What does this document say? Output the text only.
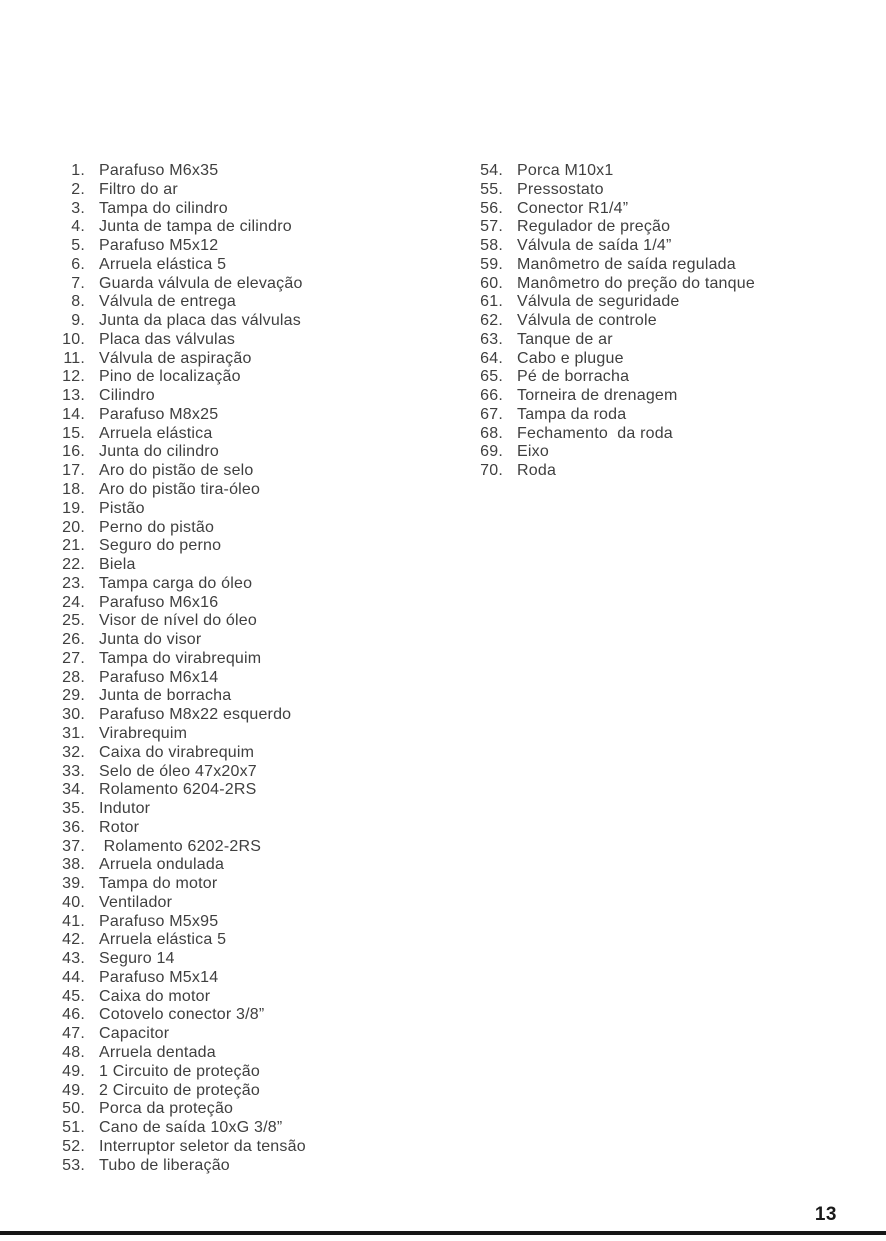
1. Parafuso M6x35
2. Filtro do ar
3. Tampa do cilindro
4. Junta de tampa de cilindro
5. Parafuso M5x12
6. Arruela elástica 5
7. Guarda válvula de elevação
8. Válvula de entrega
9. Junta da placa das válvulas
10. Placa das válvulas
11. Válvula de aspiração
12. Pino de localização
13. Cilindro
14. Parafuso M8x25
15. Arruela elástica
16. Junta do cilindro
17. Aro do pistão de selo
18. Aro do pistão tira-óleo
19. Pistão
20. Perno do pistão
21. Seguro do perno
22. Biela
23. Tampa carga do óleo
24. Parafuso M6x16
25. Visor de nível do óleo
26. Junta do visor
27. Tampa do virabrequim
28. Parafuso M6x14
29. Junta de borracha
30. Parafuso M8x22 esquerdo
31. Virabrequim
32. Caixa do virabrequim
33. Selo de óleo 47x20x7
34. Rolamento 6204-2RS
35. Indutor
36. Rotor
37. Rolamento 6202-2RS
38. Arruela ondulada
39. Tampa do motor
40. Ventilador
41. Parafuso M5x95
42. Arruela elástica 5
43. Seguro 14
44. Parafuso M5x14
45. Caixa do motor
46. Cotovelo conector 3/8”
47. Capacitor
48. Arruela dentada
49. 1 Circuito de proteção
49. 2 Circuito de proteção
50. Porca da proteção
51. Cano de saída 10xG 3/8”
52. Interruptor seletor da tensão
53. Tubo de liberação
54. Porca M10x1
55. Pressostato
56. Conector R1/4”
57. Regulador de preção
58. Válvula de saída 1/4”
59. Manômetro de saída regulada
60. Manômetro do preção do tanque
61. Válvula de seguridade
62. Válvula de controle
63. Tanque de ar
64. Cabo e plugue
65. Pé de borracha
66. Torneira de drenagem
67. Tampa da roda
68. Fechamento  da roda
69. Eixo
70. Roda
13
